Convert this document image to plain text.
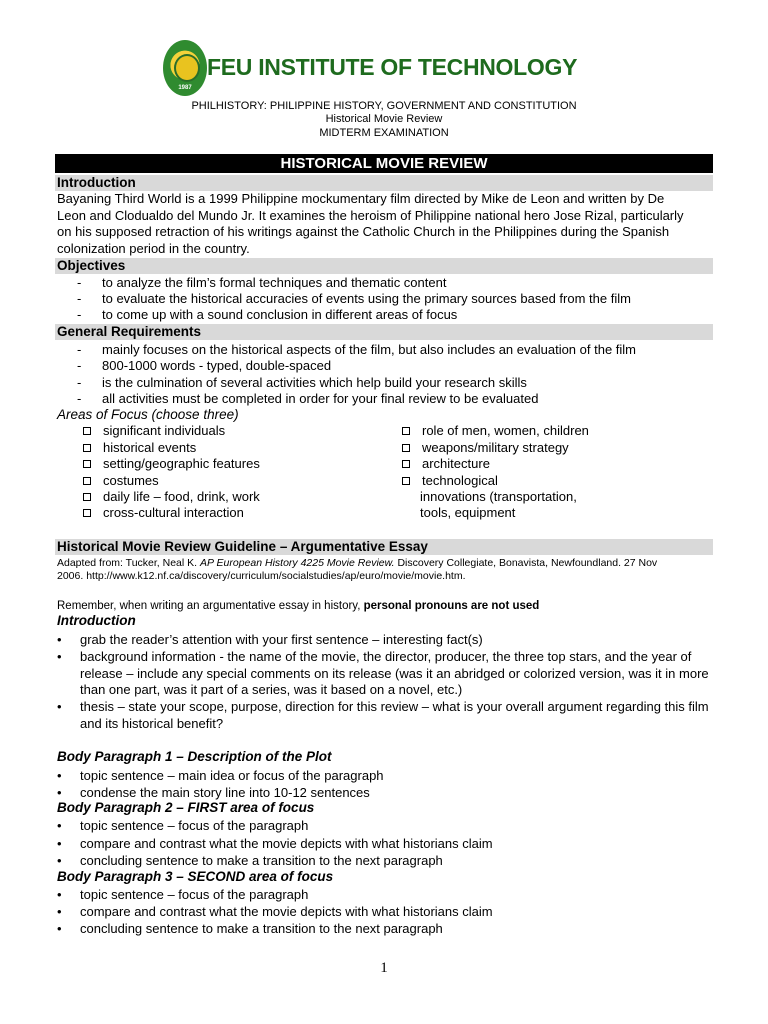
1987
FEU INSTITUTE OF TECHNOLOGY
PHILHISTORY: PHILIPPINE HISTORY, GOVERNMENT AND CONSTITUTION
Historical Movie Review
MIDTERM EXAMINATION
HISTORICAL MOVIE REVIEW
Introduction
Bayaning Third World is a 1999 Philippine mockumentary film directed by Mike de Leon and written by De
Leon and Clodualdo del Mundo Jr. It examines the heroism of Philippine national hero Jose Rizal, particularly
on his supposed retraction of his writings against the Catholic Church in the Philippines during the Spanish
colonization period in the country.
Objectives
- to analyze the film’s formal techniques and thematic content
- to evaluate the historical accuracies of events using the primary sources based from the film
- to come up with a sound conclusion in different areas of focus
General Requirements
- mainly focuses on the historical aspects of the film, but also includes an evaluation of the film
- 800-1000 words - typed, double-spaced
- is the culmination of several activities which help build your research skills
- all activities must be completed in order for your final review to be evaluated
Areas of Focus (choose three)
significant individuals
historical events
setting/geographic features
costumes
daily life – food, drink, work
cross-cultural interaction
role of men, women, children
weapons/military strategy
architecture
technological
innovations (transportation,
tools, equipment
Historical Movie Review Guideline – Argumentative Essay
Adapted from: Tucker, Neal K. AP European History 4225 Movie Review. Discovery Collegiate, Bonavista, Newfoundland. 27 Nov
2006. http://www.k12.nf.ca/discovery/curriculum/socialstudies/ap/euro/movie/movie.htm.
Remember, when writing an argumentative essay in history, personal pronouns are not used
Introduction
• grab the reader’s attention with your first sentence – interesting fact(s)
• background information - the name of the movie, the director, producer, the three top stars, and the year of release – include any special comments on its release (was it an abridged or colorized version, was it in more than one part, was it part of a series, was it based on a novel, etc.)
• thesis – state your scope, purpose, direction for this review – what is your overall argument regarding this film and its historical benefit?
Body Paragraph 1 – Description of the Plot
• topic sentence – main idea or focus of the paragraph
• condense the main story line into 10-12 sentences
Body Paragraph 2 – FIRST area of focus
• topic sentence – focus of the paragraph
• compare and contrast what the movie depicts with what historians claim
• concluding sentence to make a transition to the next paragraph
Body Paragraph 3 – SECOND area of focus
• topic sentence – focus of the paragraph
• compare and contrast what the movie depicts with what historians claim
• concluding sentence to make a transition to the next paragraph
1
